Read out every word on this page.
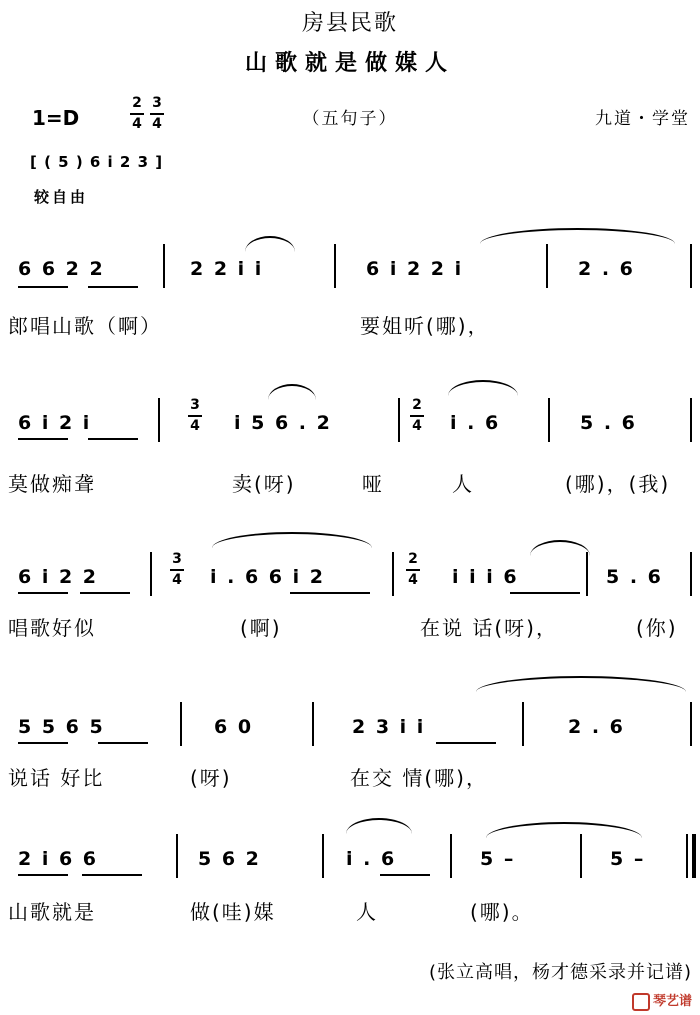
房县民歌
山歌就是做媒人
1=D
2
4
3
4	（五句子）	九道・学堂
[ ( 5 ) 6 i 2 3 ]
较自由
6 6 2 2	2 2 i i	6 i 2 2 i	2 . 6
郎唱山歌（啊）	要姐听(哪)，
6 i 2 i
3
4 i 5 6 . 2
2
4 i . 6	5 . 6
莫做痴聋	卖(呀)	哑	人	(哪)，(我)
6 i 2 2
3
4 i . 6 6 i 2
2
4 i i i 6	5 . 6
唱歌好似	(啊)	在说 话(呀)，	(你)
5 5 6 5	6 0	2 3 i i	2 . 6
说话 好比	(呀)	在交 情(哪)，
2 i 6 6	5 6 2	i . 6	5 –	5 –
山歌就是	做(哇)媒	人	(哪)。
(张立高唱，杨才德采录并记谱)
琴艺谱
